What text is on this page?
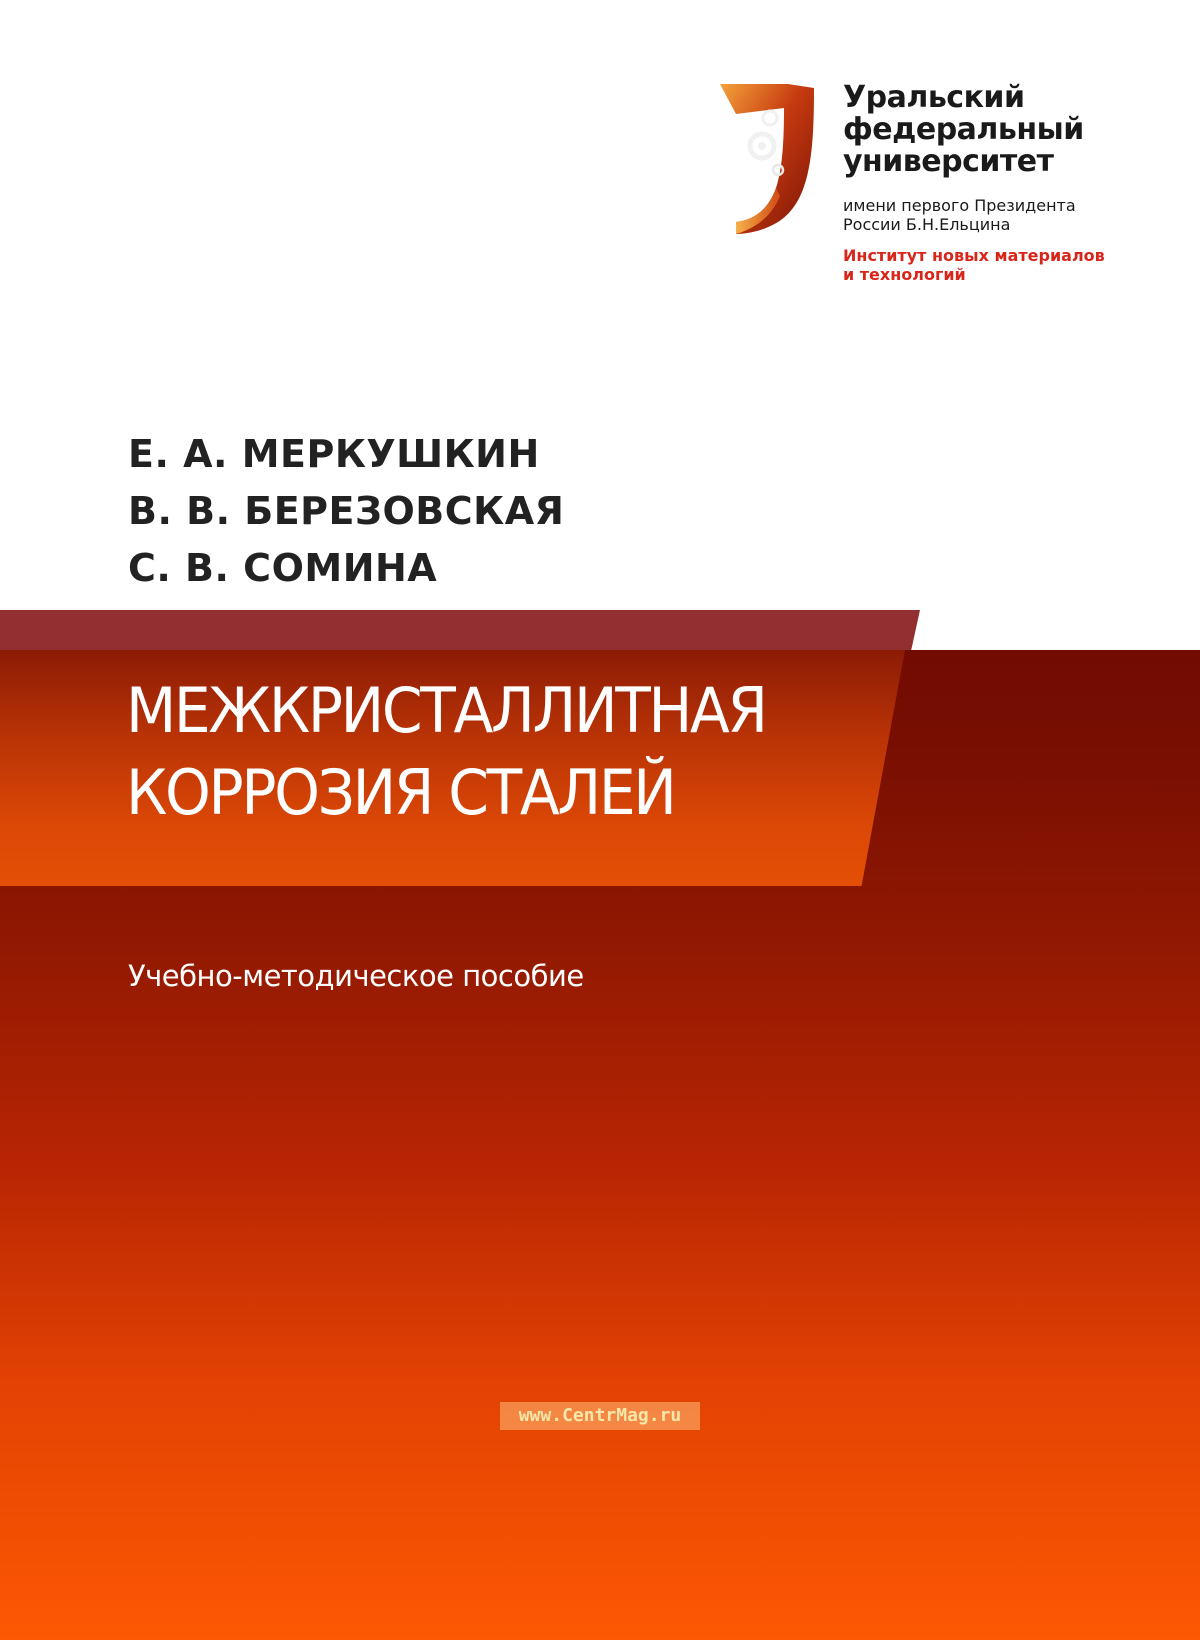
Уральский
федеральный
университет

имени первого Президента
России Б.Н.Ельцина

Институт новых материалов
и технологий

Е. А. МЕРКУШКИН
В. В. БЕРЕЗОВСКАЯ
С. В. СОМИНА

МЕЖКРИСТАЛЛИТНАЯ
КОРРОЗИЯ СТАЛЕЙ

Учебно-методическое пособие

www.CentrMag.ru
